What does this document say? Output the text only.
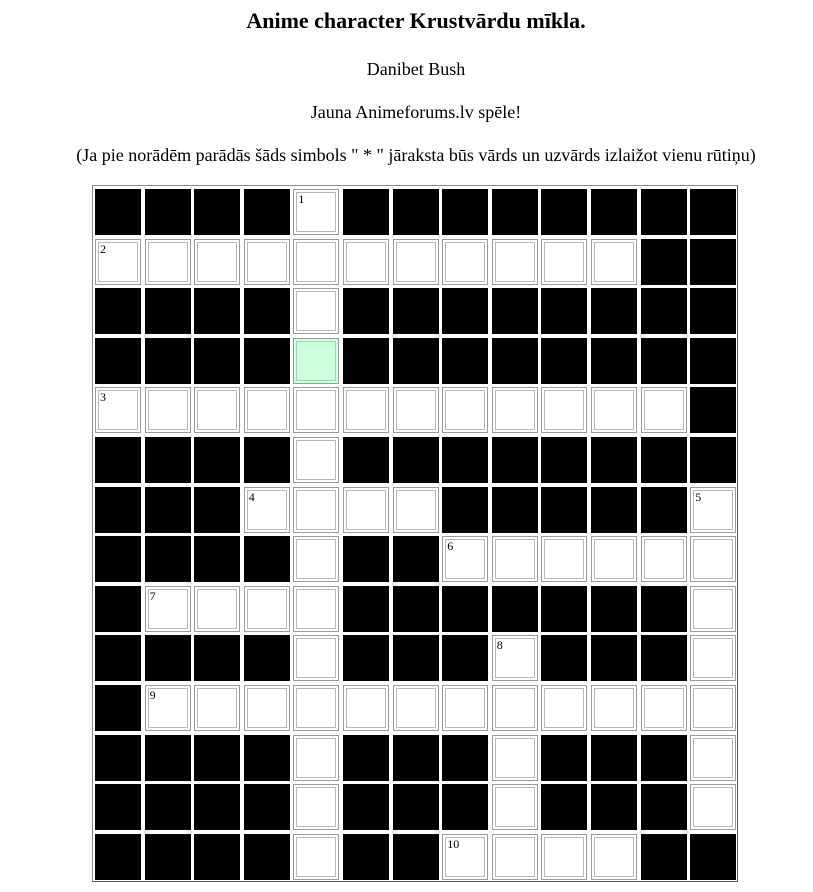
Anime character Krustvārdu mīkla.

Danibet Bush

Jauna Animeforums.lv spēle!

(Ja pie norādēm parādās šāds simbols " * " jāraksta būs vārds un uzvārds izlaižot vienu rūtiņu)

1
2
3
4	5
6
7
8
9
10
